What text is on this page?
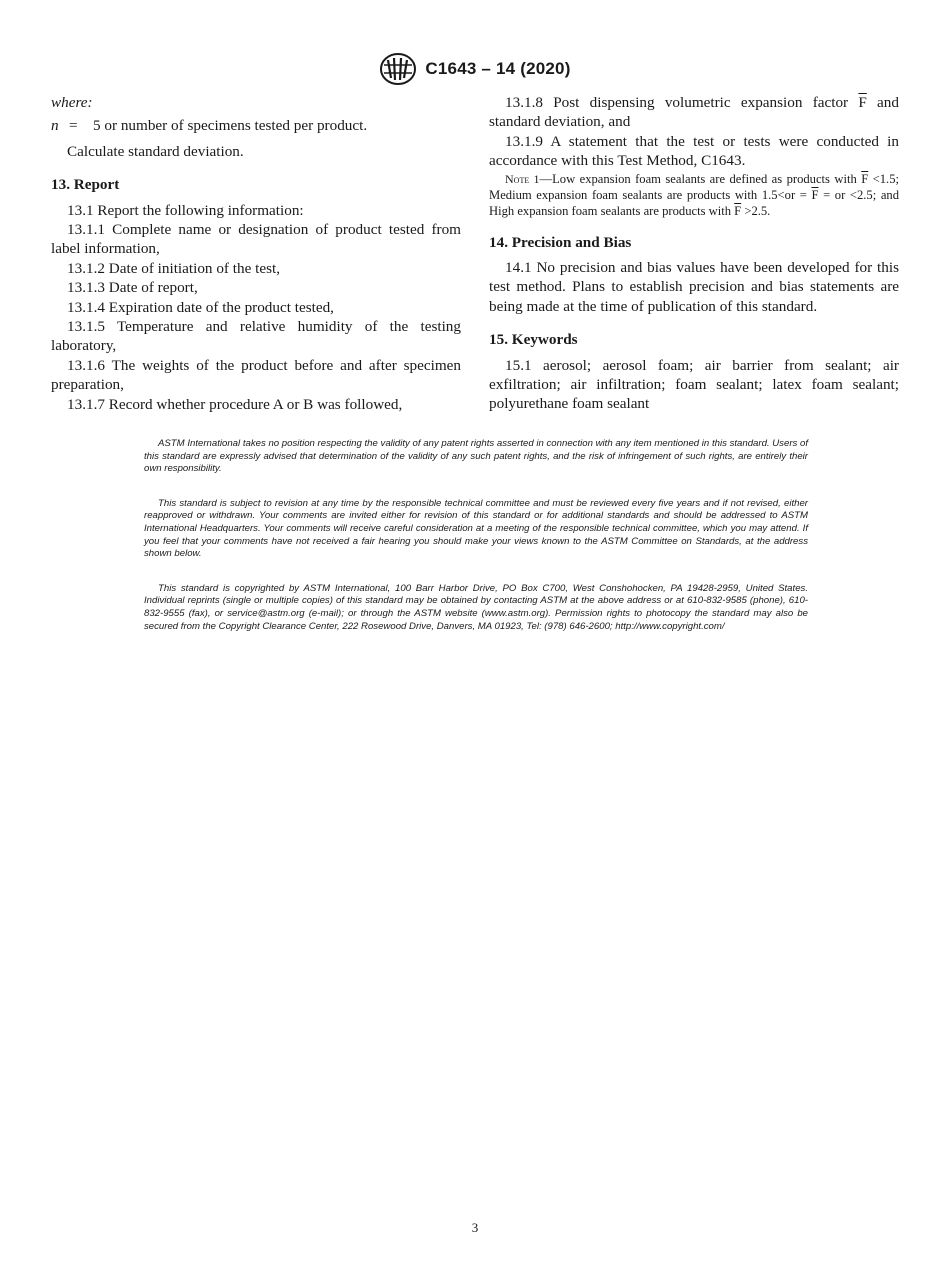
C1643 – 14 (2020)

where:

n =	5 or number of specimens tested per product.

Calculate standard deviation.

13. Report

13.1 Report the following information:

13.1.1 Complete name or designation of product tested from label information,

13.1.2 Date of initiation of the test,

13.1.3 Date of report,

13.1.4 Expiration date of the product tested,

13.1.5 Temperature and relative humidity of the testing laboratory,

13.1.6 The weights of the product before and after specimen preparation,

13.1.7 Record whether procedure A or B was followed,

13.1.8 Post dispensing volumetric expansion factor $\overline{F}$ and standard deviation, and

13.1.9 A statement that the test or tests were conducted in accordance with this Test Method, C1643.

Note 1—Low expansion foam sealants are defined as products with $\overline{F} <1.5$; Medium expansion foam sealants are products with $1.5<or = \overline{F}$ = or <2.5; and High expansion foam sealants are products with $\overline{F} >2.5$.

14. Precision and Bias

14.1 No precision and bias values have been developed for this test method. Plans to establish precision and bias statements are being made at the time of publication of this standard.

15. Keywords

15.1 aerosol; aerosol foam; air barrier from sealant; air exfiltration; air infiltration; foam sealant; latex foam sealant; polyurethane foam sealant

ASTM International takes no position respecting the validity of any patent rights asserted in connection with any item mentioned in this standard. Users of this standard are expressly advised that determination of the validity of any such patent rights, and the risk of infringement of such rights, are entirely their own responsibility.

This standard is subject to revision at any time by the responsible technical committee and must be reviewed every five years and if not revised, either reapproved or withdrawn. Your comments are invited either for revision of this standard or for additional standards and should be addressed to ASTM International Headquarters. Your comments will receive careful consideration at a meeting of the responsible technical committee, which you may attend. If you feel that your comments have not received a fair hearing you should make your views known to the ASTM Committee on Standards, at the address shown below.

This standard is copyrighted by ASTM International, 100 Barr Harbor Drive, PO Box C700, West Conshohocken, PA 19428-2959, United States. Individual reprints (single or multiple copies) of this standard may be obtained by contacting ASTM at the above address or at 610-832-9585 (phone), 610-832-9555 (fax), or service@astm.org (e-mail); or through the ASTM website (www.astm.org). Permission rights to photocopy the standard may also be secured from the Copyright Clearance Center, 222 Rosewood Drive, Danvers, MA 01923, Tel: (978) 646-2600; http://www.copyright.com/

3
